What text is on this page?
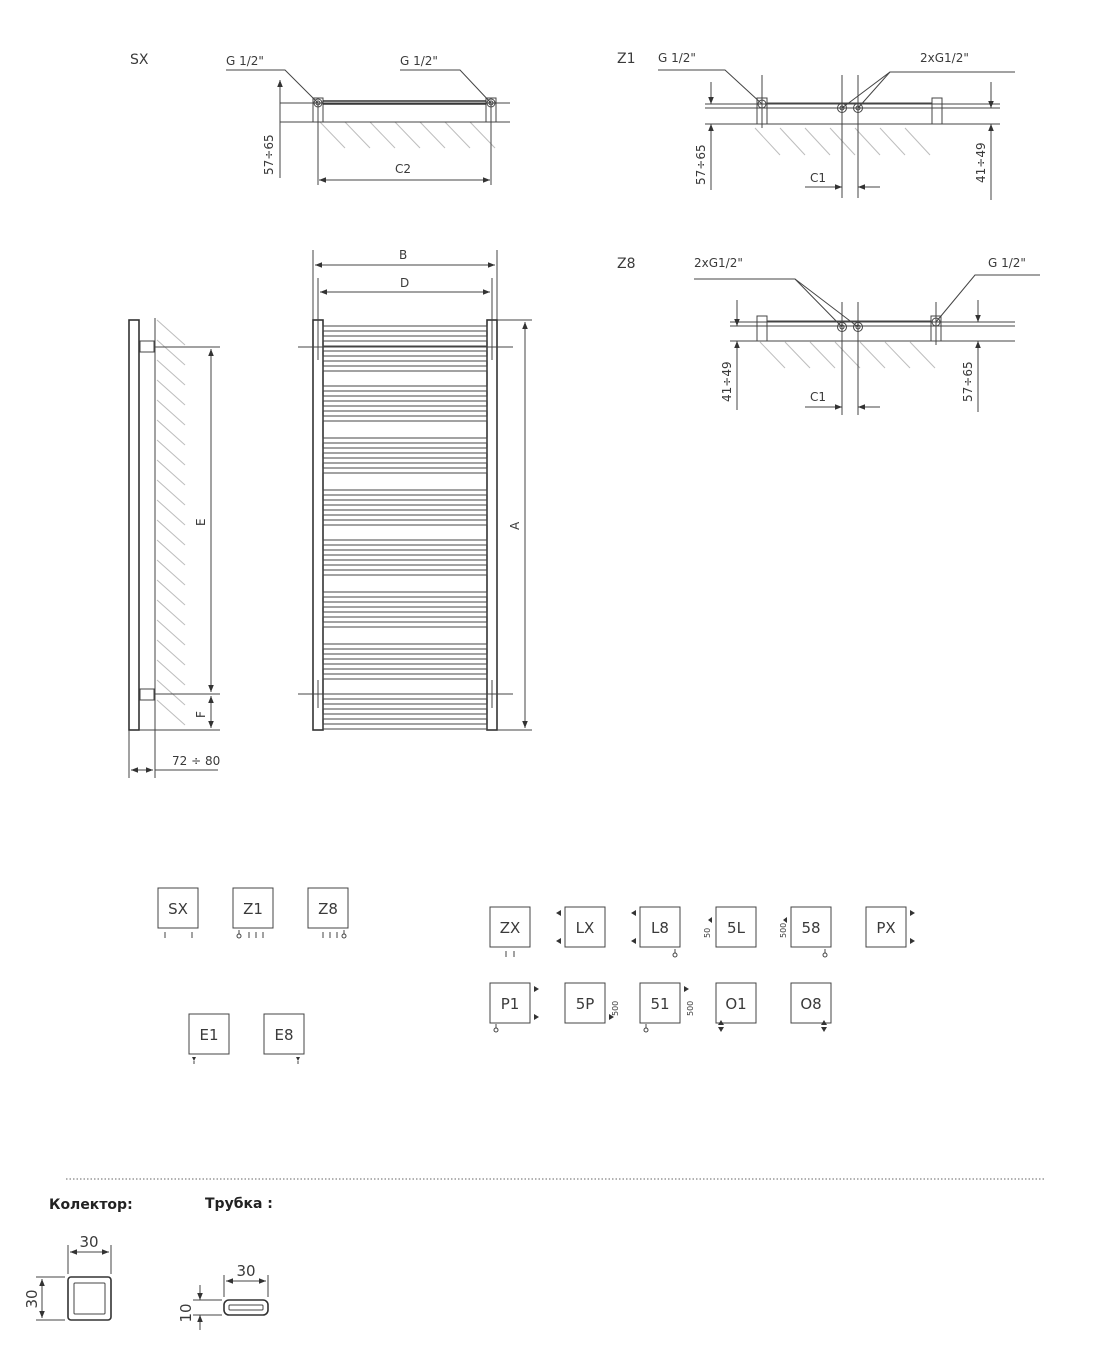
SX	G 1/2"	G 1/2"
57÷65	C2
Z1 G 1/2"	2xG1/2"
57÷65	41÷49
C1
Z8	2xG1/2"	G 1/2"
41÷49	57÷65
C1
E
F
72 ÷ 80
B
D
A
SX	Z1	Z8
E1	E8
ZX	LX	L8	5L
50	58
500	PX
P1	5P 500 51 500 O1	O8
30
30
30
10
Колектор:	Трубка :
